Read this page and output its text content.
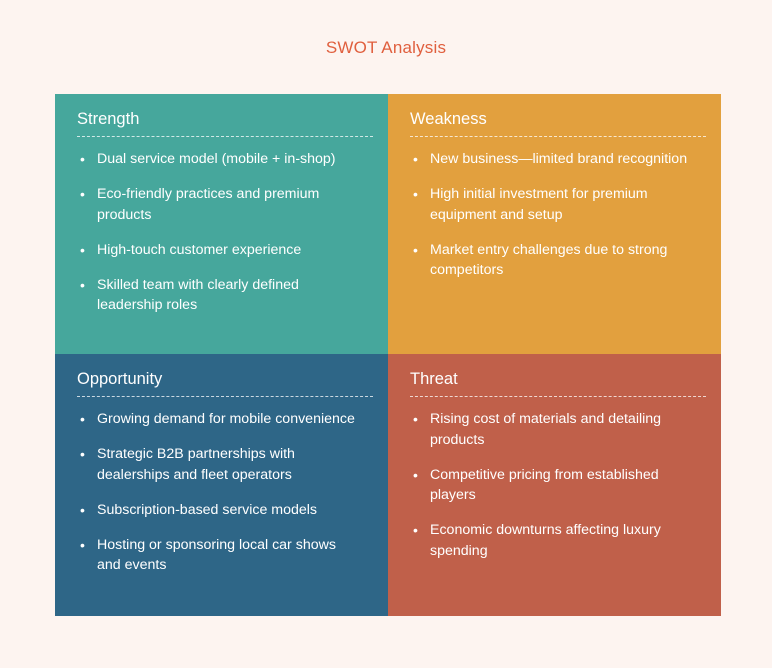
SWOT Analysis
Strength
• Dual service model (mobile + in-shop)
• Eco-friendly practices and premium products
• High-touch customer experience
• Skilled team with clearly defined leadership roles
Weakness
• New business—limited brand recognition
• High initial investment for premium equipment and setup
• Market entry challenges due to strong competitors
Opportunity
• Growing demand for mobile convenience
• Strategic B2B partnerships with dealerships and fleet operators
• Subscription-based service models
• Hosting or sponsoring local car shows and events
Threat
• Rising cost of materials and detailing products
• Competitive pricing from established players
• Economic downturns affecting luxury spending
